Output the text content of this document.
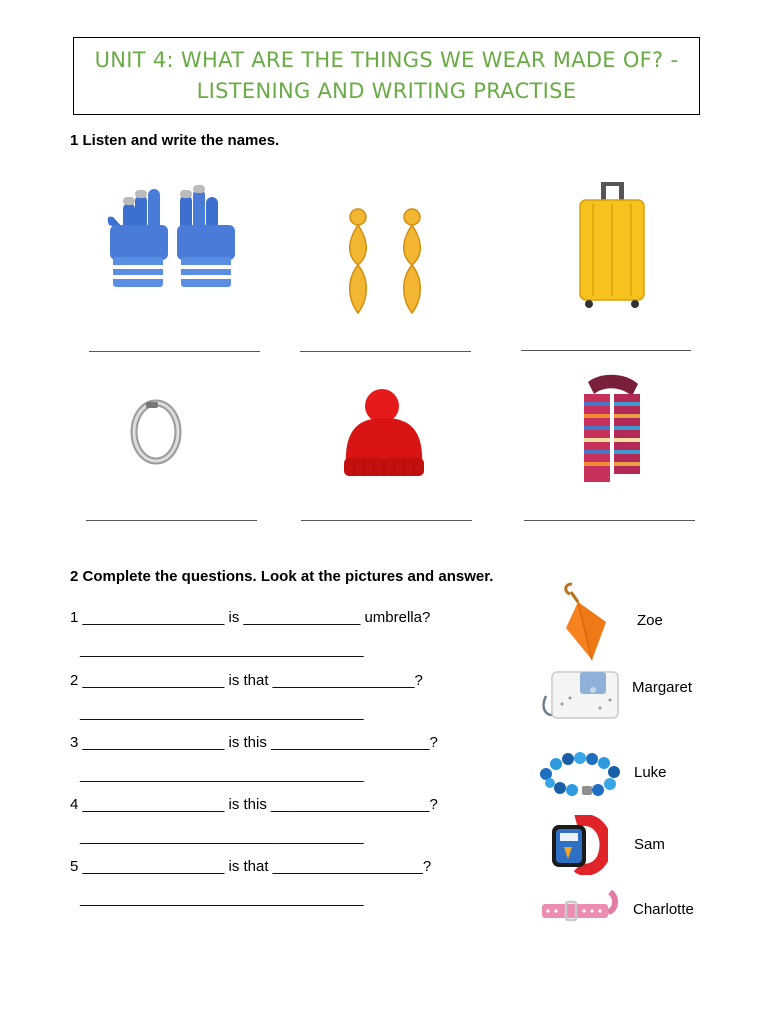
UNIT 4: WHAT ARE THE THINGS WE WEAR MADE OF? -
LISTENING AND WRITING PRACTISE
1 Listen and write the names.
2 Complete the questions. Look at the pictures and answer.
1 _________________ is ______________ umbrella?
__________________________________
2 _________________ is that _________________?
__________________________________
3 _________________ is this ___________________?
__________________________________
4 _________________ is this ___________________?
__________________________________
5 _________________ is that __________________?
__________________________________
Zoe
Margaret
Luke
Sam
Charlotte
